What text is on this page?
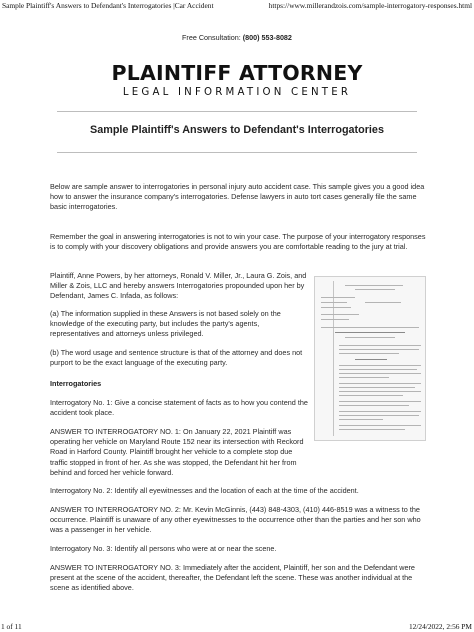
Sample Plaintiff's Answers to Defendant's Interrogatories |Car Accident	https://www.millerandzois.com/sample-interrogatory-responses.html
Free Consultation: (800) 553-8082
PLAINTIFF ATTORNEY
LEGAL INFORMATION CENTER
Sample Plaintiff's Answers to Defendant's Interrogatories
Below are sample answer to interrogatories in personal injury auto accident case. This sample gives you a good idea how to answer the insurance company's interrogatories. Defense lawyers in auto tort cases generally file the same basic interrogatories.
Remember the goal in answering interrogatories is not to win your case. The purpose of your interrogatory responses is to comply with your discovery obligations and provide answers you are comfortable reading to the jury at trial.
Plaintiff, Anne Powers, by her attorneys, Ronald V. Miller, Jr., Laura G. Zois, and Miller & Zois, LLC and hereby answers Interrogatories propounded upon her by Defendant, James C. Infada, as follows:
(a) The information supplied in these Answers is not based solely on the knowledge of the executing party, but includes the party's agents, representatives and attorneys unless privileged.
(b) The word usage and sentence structure is that of the attorney and does not purport to be the exact language of the executing party.
Interrogatories
Interrogatory No. 1: Give a concise statement of facts as to how you contend the accident took place.
ANSWER TO INTERROGATORY NO. 1: On January 22, 2021 Plaintiff was operating her vehicle on Maryland Route 152 near its intersection with Reckord Road in Harford County. Plaintiff brought her vehicle to a complete stop due traffic stopped in front of her. As she was stopped, the Defendant hit her from behind and forced her vehicle forward.
Interrogatory No. 2: Identify all eyewitnesses and the location of each at the time of the accident.
ANSWER TO INTERROGATORY NO. 2: Mr. Kevin McGinnis, (443) 848-4303, (410) 446-8519 was a witness to the occurrence. Plaintiff is unaware of any other eyewitnesses to the occurrence other than the parties and her son who was a passenger in her vehicle.
Interrogatory No. 3: Identify all persons who were at or near the scene.
ANSWER TO INTERROGATORY NO. 3: Immediately after the accident, Plaintiff, her son and the Defendant were present at the scene of the accident, thereafter, the Defendant left the scene. These was another individual at the scene as identified above.
1 of 11	12/24/2022, 2:56 PM
